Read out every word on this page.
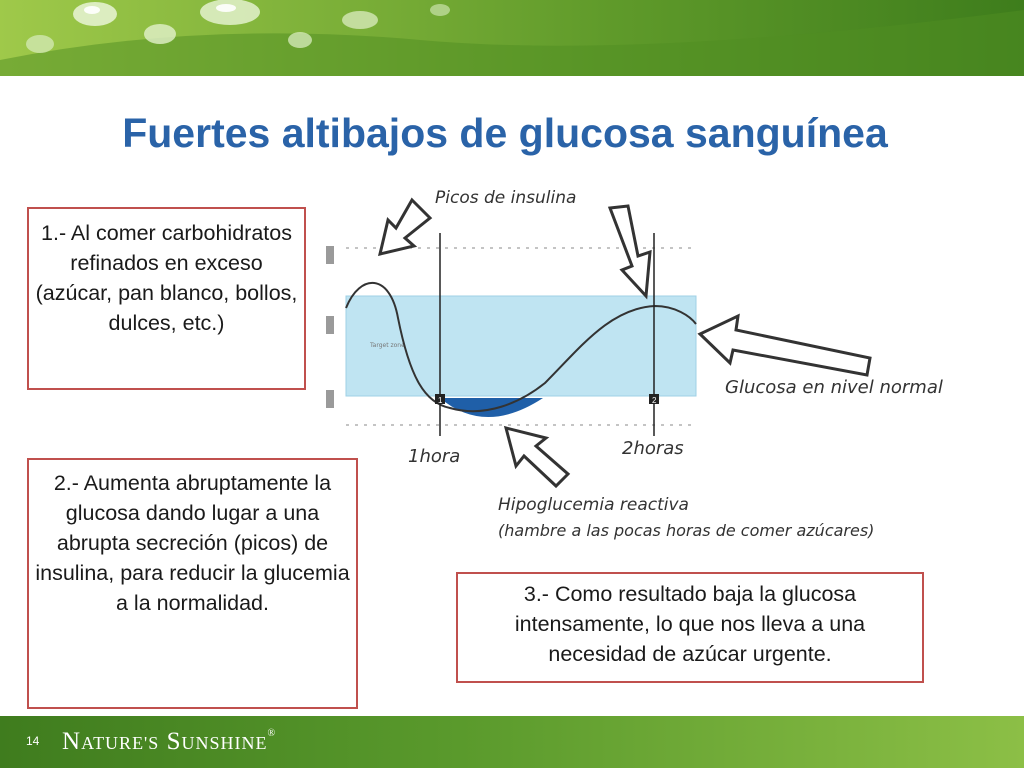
Fuertes altibajos de glucosa sanguínea
1.- Al comer carbohidratos refinados en exceso (azúcar, pan blanco, bollos, dulces, etc.)
2.- Aumenta abruptamente la glucosa dando lugar a una abrupta secreción (picos) de insulina, para reducir la glucemia a la normalidad.	3.- Como resultado baja la glucosa intensamente, lo que nos lleva a una necesidad de azúcar urgente.
Target zone
1	2
Picos de insulina
Glucosa en nivel normal
1hora	2horas
Hipoglucemia reactiva
(hambre a las pocas horas de comer azúcares)
14 NATURE'S SUNSHINE®
